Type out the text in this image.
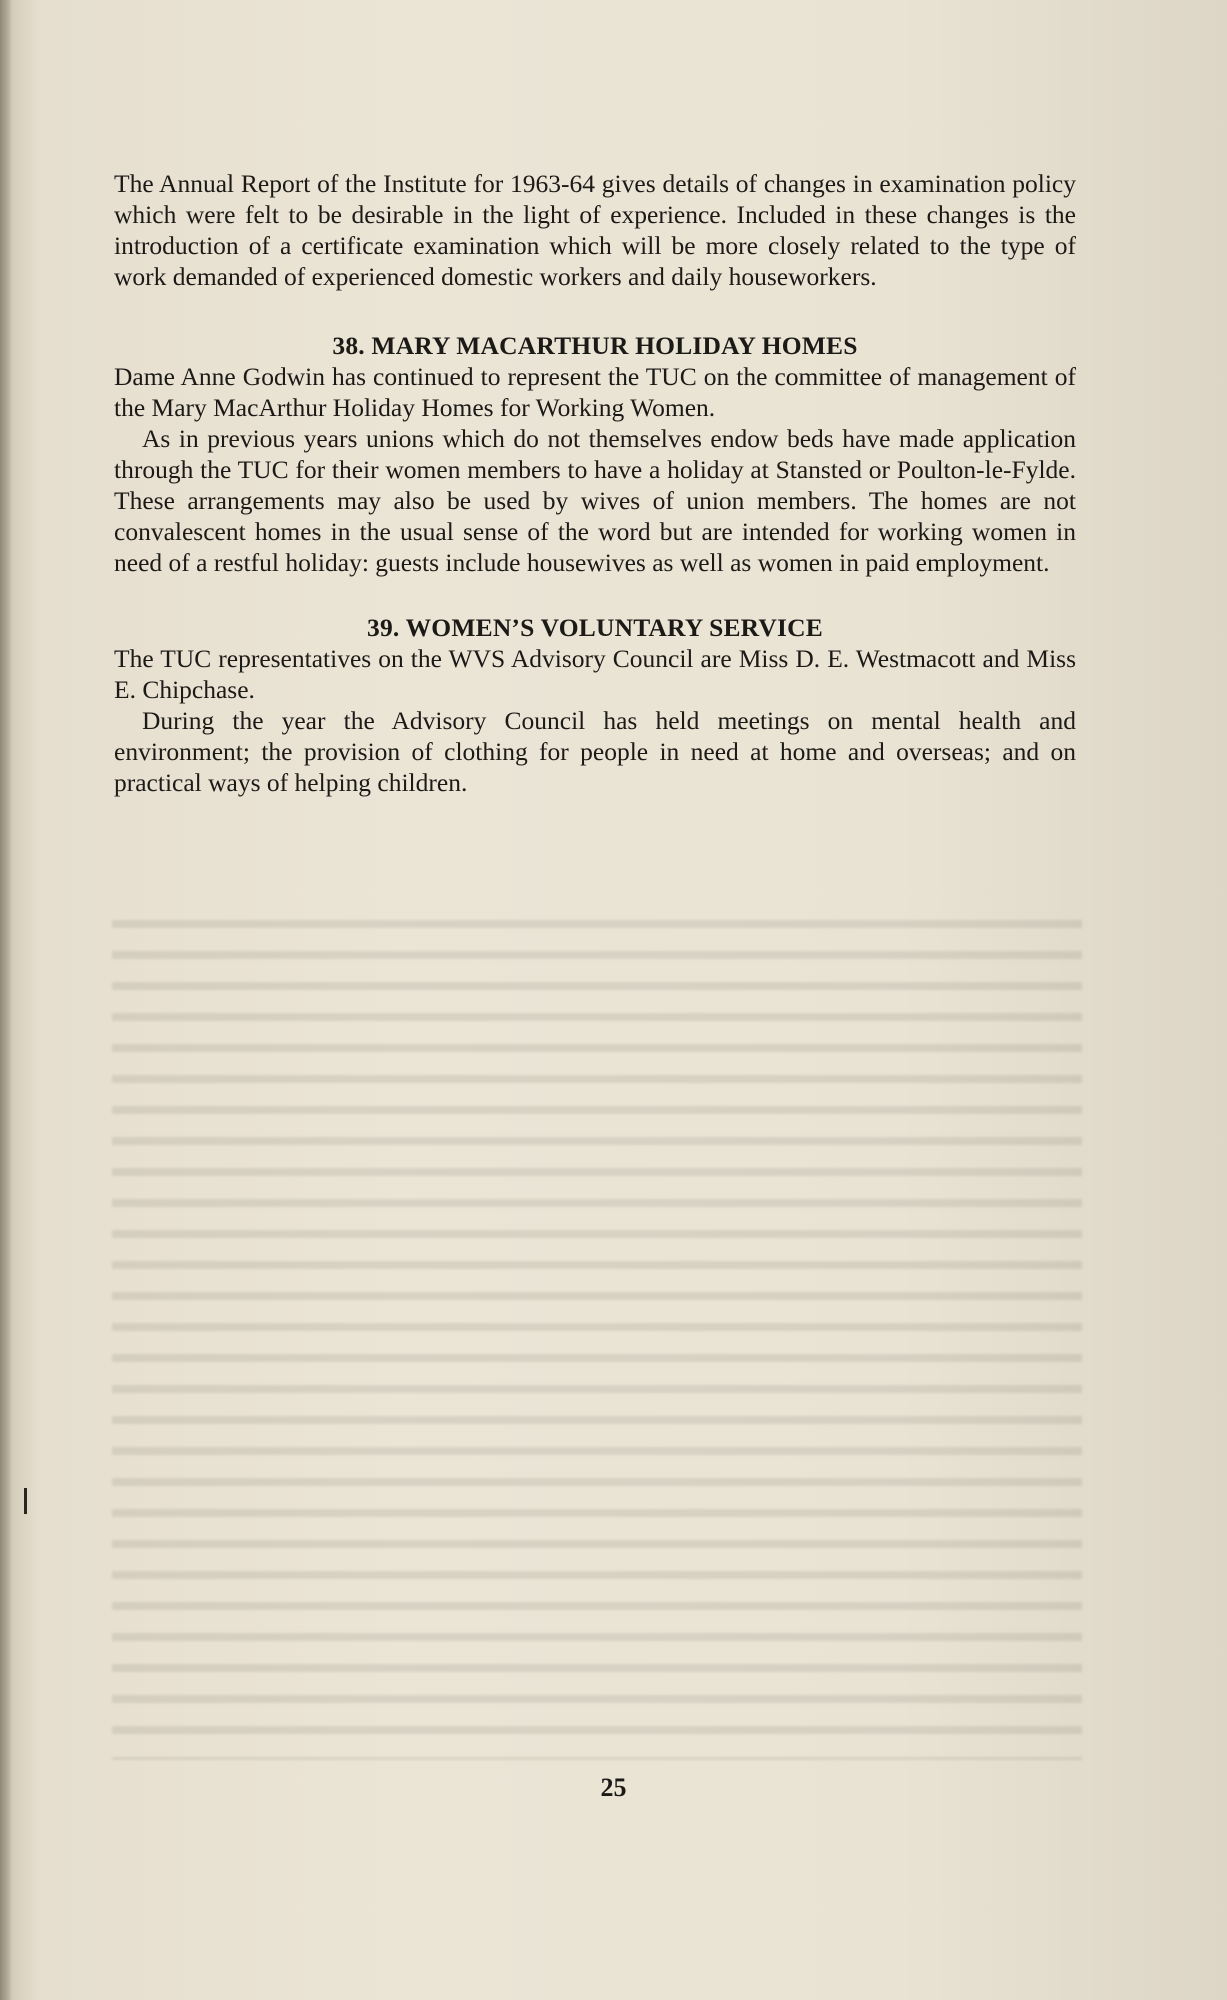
The Annual Report of the Institute for 1963-64 gives details of changes in examination policy which were felt to be desirable in the light of experience. Included in these changes is the introduction of a certificate examination which will be more closely related to the type of work demanded of experienced domestic workers and daily houseworkers.

38. MARY MACARTHUR HOLIDAY HOMES

Dame Anne Godwin has continued to represent the TUC on the committee of management of the Mary MacArthur Holiday Homes for Working Women.

As in previous years unions which do not themselves endow beds have made application through the TUC for their women members to have a holiday at Stansted or Poulton-le-Fylde. These arrangements may also be used by wives of union members. The homes are not convalescent homes in the usual sense of the word but are intended for working women in need of a restful holiday: guests include housewives as well as women in paid employment.

39. WOMEN’S VOLUNTARY SERVICE

The TUC representatives on the WVS Advisory Council are Miss D. E. Westmacott and Miss E. Chipchase.

During the year the Advisory Council has held meetings on mental health and environment; the provision of clothing for people in need at home and overseas; and on practical ways of helping children.

25
